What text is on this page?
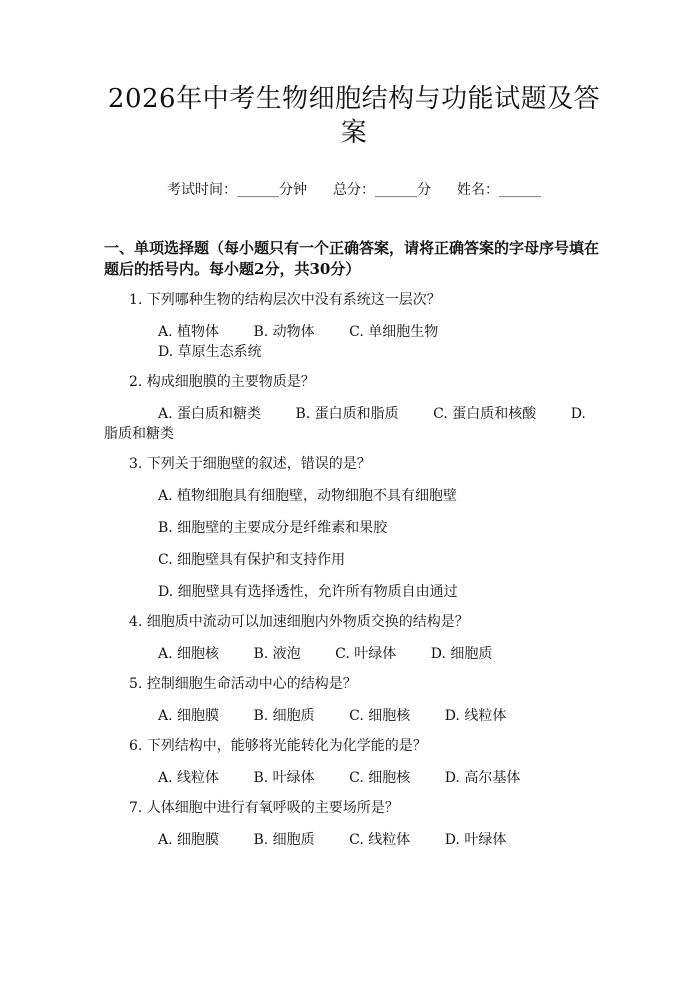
2026年中考生物细胞结构与功能试题及答案
考试时间：______分钟 总分：______分 姓名：______
一、单项选择题（每小题只有一个正确答案，请将正确答案的字母序号填在题后的括号内。每小题2分，共30分）
1. 下列哪种生物的结构层次中没有系统这一层次？
A. 植物体 B. 动物体 C. 单细胞生物 D. 草原生态系统
2. 构成细胞膜的主要物质是？
A. 蛋白质和糖类 B. 蛋白质和脂质 C. 蛋白质和核酸 D.
脂质和糖类
3. 下列关于细胞壁的叙述，错误的是？
A. 植物细胞具有细胞壁，动物细胞不具有细胞壁
B. 细胞壁的主要成分是纤维素和果胶
C. 细胞壁具有保护和支持作用
D. 细胞壁具有选择透性，允许所有物质自由通过
4. 细胞质中流动可以加速细胞内外物质交换的结构是？
A. 细胞核 B. 液泡 C. 叶绿体 D. 细胞质
5. 控制细胞生命活动中心的结构是？
A. 细胞膜 B. 细胞质 C. 细胞核 D. 线粒体
6. 下列结构中，能够将光能转化为化学能的是？
A. 线粒体 B. 叶绿体 C. 细胞核 D. 高尔基体
7. 人体细胞中进行有氧呼吸的主要场所是？
A. 细胞膜 B. 细胞质 C. 线粒体 D. 叶绿体
